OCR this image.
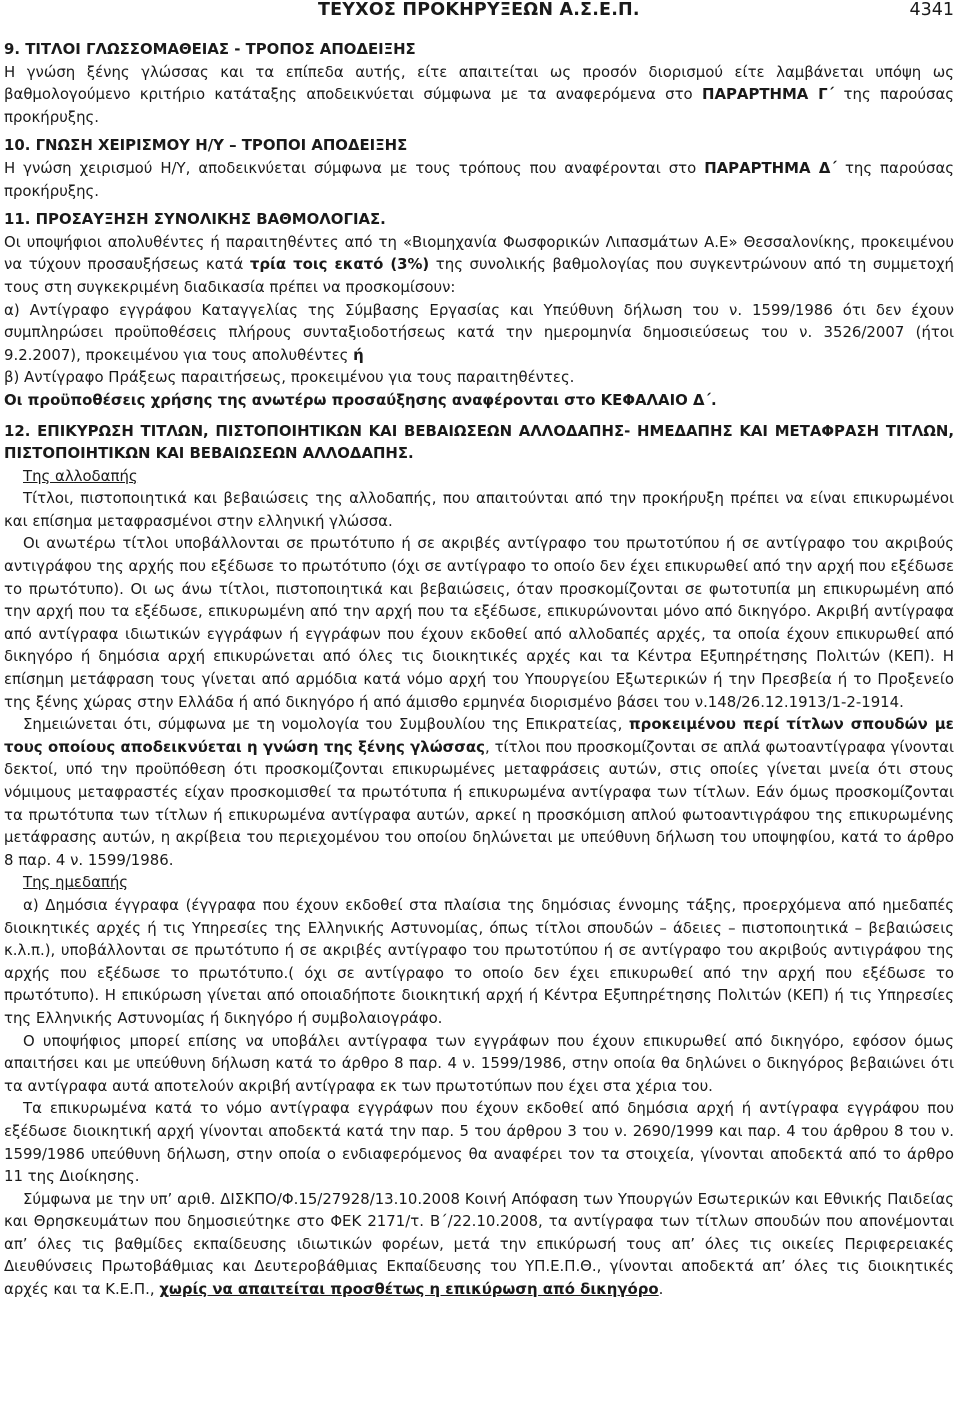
ΤΕΥΧΟΣ ΠΡΟΚΗΡΥΞΕΩΝ Α.Σ.Ε.Π.	4341

9. ΤΙΤΛΟΙ ΓΛΩΣΣΟΜΑΘΕΙΑΣ - ΤΡΟΠΟΣ ΑΠΟΔΕΙΞΗΣ

Η γνώση ξένης γλώσσας και τα επίπεδα αυτής, είτε απαιτείται ως προσόν διορισμού είτε λαμβάνεται υπόψη ως βαθμολογούμενο κριτήριο κατάταξης αποδεικνύεται σύμφωνα με τα αναφερόμενα στο ΠΑΡΑΡΤΗΜΑ Γ΄ της παρούσας προκήρυξης.

10. ΓΝΩΣΗ ΧΕΙΡΙΣΜΟΥ Η/Υ – ΤΡΟΠΟΙ ΑΠΟΔΕΙΞΗΣ

Η γνώση χειρισμού Η/Υ, αποδεικνύεται σύμφωνα με τους τρόπους που αναφέρονται στο ΠΑΡΑΡΤΗΜΑ Δ΄ της παρούσας προκήρυξης.

11. ΠΡΟΣΑΥΞΗΣΗ ΣΥΝΟΛΙΚΗΣ ΒΑΘΜΟΛΟΓΙΑΣ.

Οι υποψήφιοι απολυθέντες ή παραιτηθέντες από τη «Βιομηχανία Φωσφορικών Λιπασμάτων Α.Ε» Θεσσαλονίκης, προκειμένου να τύχουν προσαυξήσεως κατά τρία τοις εκατό (3%) της συνολικής βαθμολογίας που συγκεντρώνουν από τη συμμετοχή τους στη συγκεκριμένη διαδικασία πρέπει να προσκομίσουν:

α) Αντίγραφο εγγράφου Καταγγελίας της Σύμβασης Εργασίας και Υπεύθυνη δήλωση του ν. 1599/1986 ότι δεν έχουν συμπληρώσει προϋποθέσεις πλήρους συνταξιοδοτήσεως κατά την ημερομηνία δημοσιεύσεως του ν. 3526/2007 (ήτοι 9.2.2007), προκειμένου για τους απολυθέντες ή

β) Αντίγραφο Πράξεως παραιτήσεως, προκειμένου για τους παραιτηθέντες.

Οι προϋποθέσεις χρήσης της ανωτέρω προσαύξησης αναφέρονται στο ΚΕΦΑΛΑΙΟ Δ΄.

12. ΕΠΙΚΥΡΩΣΗ ΤΙΤΛΩΝ, ΠΙΣΤΟΠΟΙΗΤΙΚΩΝ ΚΑΙ ΒΕΒΑΙΩΣΕΩΝ ΑΛΛΟΔΑΠΗΣ- ΗΜΕΔΑΠΗΣ ΚΑΙ ΜΕΤΑΦΡΑΣΗ ΤΙΤΛΩΝ, ΠΙΣΤΟΠΟΙΗΤΙΚΩΝ ΚΑΙ ΒΕΒΑΙΩΣΕΩΝ ΑΛΛΟΔΑΠΗΣ.

Της αλλοδαπής

Τίτλοι, πιστοποιητικά και βεβαιώσεις της αλλοδαπής, που απαιτούνται από την προκήρυξη πρέπει να είναι επικυρωμένοι και επίσημα μεταφρασμένοι στην ελληνική γλώσσα.

Οι ανωτέρω τίτλοι υποβάλλονται σε πρωτότυπο ή σε ακριβές αντίγραφο του πρωτοτύπου ή σε αντίγραφο του ακριβούς αντιγράφου της αρχής που εξέδωσε το πρωτότυπο (όχι σε αντίγραφο το οποίο δεν έχει επικυρωθεί από την αρχή που εξέδωσε το πρωτότυπο). Οι ως άνω τίτλοι, πιστοποιητικά και βεβαιώσεις, όταν προσκομίζονται σε φωτοτυπία μη επικυρωμένη από την αρχή που τα εξέδωσε, επικυρωμένη από την αρχή που τα εξέδωσε, επικυρώνονται μόνο από δικηγόρο. Ακριβή αντίγραφα από αντίγραφα ιδιωτικών εγγράφων ή εγγράφων που έχουν εκδοθεί από αλλοδαπές αρχές, τα οποία έχουν επικυρωθεί από δικηγόρο ή δημόσια αρχή επικυρώνεται από όλες τις διοικητικές αρχές και τα Κέντρα Εξυπηρέτησης Πολιτών (ΚΕΠ). Η επίσημη μετάφραση τους γίνεται από αρμόδια κατά νόμο αρχή του Υπουργείου Εξωτερικών ή την Πρεσβεία ή το Προξενείο της ξένης χώρας στην Ελλάδα ή από δικηγόρο ή από άμισθο ερμηνέα διορισμένο βάσει του ν.148/26.12.1913/1-2-1914.

Σημειώνεται ότι, σύμφωνα με τη νομολογία του Συμβουλίου της Επικρατείας, προκειμένου περί τίτλων σπουδών με τους οποίους αποδεικνύεται η γνώση της ξένης γλώσσας, τίτλοι που προσκομίζονται σε απλά φωτοαντίγραφα γίνονται δεκτοί, υπό την προϋπόθεση ότι προσκομίζονται επικυρωμένες μεταφράσεις αυτών, στις οποίες γίνεται μνεία ότι στους νόμιμους μεταφραστές είχαν προσκομισθεί τα πρωτότυπα ή επικυρωμένα αντίγραφα των τίτλων. Εάν όμως προσκομίζονται τα πρωτότυπα των τίτλων ή επικυρωμένα αντίγραφα αυτών, αρκεί η προσκόμιση απλού φωτοαντιγράφου της επικυρωμένης μετάφρασης αυτών, η ακρίβεια του περιεχομένου του οποίου δηλώνεται με υπεύθυνη δήλωση του υποψηφίου, κατά το άρθρο 8 παρ. 4 ν. 1599/1986.

Της ημεδαπής

α) Δημόσια έγγραφα (έγγραφα που έχουν εκδοθεί στα πλαίσια της δημόσιας έννομης τάξης, προερχόμενα από ημεδαπές διοικητικές αρχές ή τις Υπηρεσίες της Ελληνικής Αστυνομίας, όπως τίτλοι σπουδών – άδειες – πιστοποιητικά – βεβαιώσεις κ.λ.π.), υποβάλλονται σε πρωτότυπο ή σε ακριβές αντίγραφο του πρωτοτύπου ή σε αντίγραφο του ακριβούς αντιγράφου της αρχής που εξέδωσε το πρωτότυπο.( όχι σε αντίγραφο το οποίο δεν έχει επικυρωθεί από την αρχή που εξέδωσε το πρωτότυπο). Η επικύρωση γίνεται από οποιαδήποτε διοικητική αρχή ή Κέντρα Εξυπηρέτησης Πολιτών (ΚΕΠ) ή τις Υπηρεσίες της Ελληνικής Αστυνομίας ή δικηγόρο ή συμβολαιογράφο.

Ο υποψήφιος μπορεί επίσης να υποβάλει αντίγραφα των εγγράφων που έχουν επικυρωθεί από δικηγόρο, εφόσον όμως απαιτήσει και με υπεύθυνη δήλωση κατά το άρθρο 8 παρ. 4 ν. 1599/1986, στην οποία θα δηλώνει ο δικηγόρος βεβαιώνει ότι τα αντίγραφα αυτά αποτελούν ακριβή αντίγραφα εκ των πρωτοτύπων που έχει στα χέρια του.

Τα επικυρωμένα κατά το νόμο αντίγραφα εγγράφων που έχουν εκδοθεί από δημόσια αρχή ή αντίγραφα εγγράφου που εξέδωσε διοικητική αρχή γίνονται αποδεκτά κατά την παρ. 5 του άρθρου 3 του ν. 2690/1999 και παρ. 4 του άρθρου 8 του ν. 1599/1986 υπεύθυνη δήλωση, στην οποία ο ενδιαφερόμενος θα αναφέρει τον τα στοιχεία, γίνονται αποδεκτά από το άρθρο 11 της Διοίκησης.

Σύμφωνα με την υπ’ αριθ. ΔΙΣΚΠΟ/Φ.15/27928/13.10.2008 Κοινή Απόφαση των Υπουργών Εσωτερικών και Εθνικής Παιδείας και Θρησκευμάτων που δημοσιεύτηκε στο ΦΕΚ 2171/τ. Β΄/22.10.2008, τα αντίγραφα των τίτλων σπουδών που απονέμονται απ’ όλες τις βαθμίδες εκπαίδευσης ιδιωτικών φορέων, μετά την επικύρωσή τους απ’ όλες τις οικείες Περιφερειακές Διευθύνσεις Πρωτοβάθμιας και Δευτεροβάθμιας Εκπαίδευσης του ΥΠ.Ε.Π.Θ., γίνονται αποδεκτά απ’ όλες τις διοικητικές αρχές και τα Κ.Ε.Π., χωρίς να απαιτείται προσθέτως η επικύρωση από δικηγόρο.
